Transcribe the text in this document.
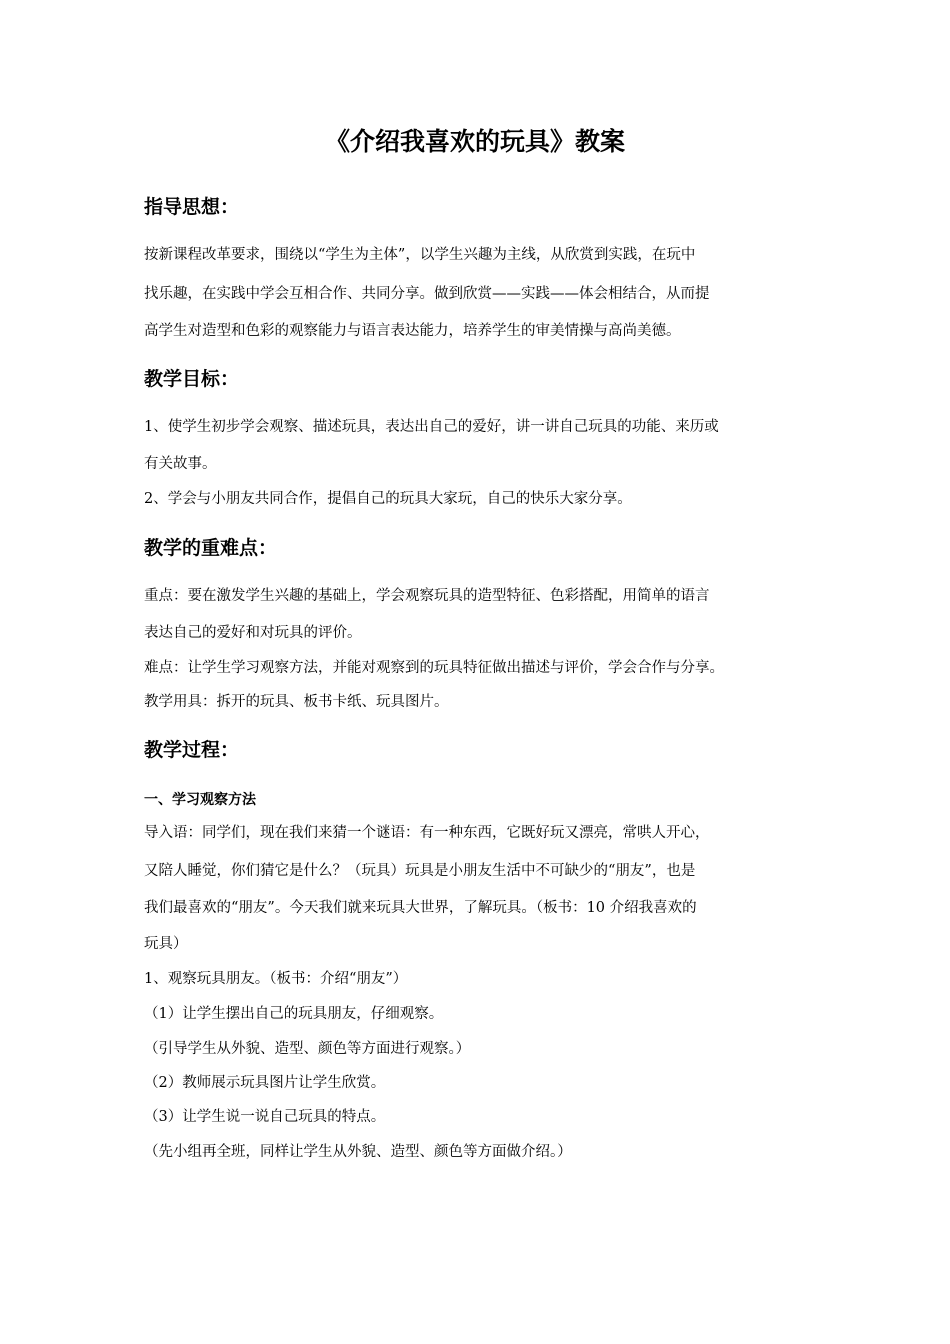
《介绍我喜欢的玩具》教案
指导思想：
按新课程改革要求，围绕以“学生为主体”，以学生兴趣为主线，从欣赏到实践，在玩中
找乐趣，在实践中学会互相合作、共同分享。做到欣赏——实践——体会相结合，从而提
高学生对造型和色彩的观察能力与语言表达能力，培养学生的审美情操与高尚美德。
教学目标：
1、使学生初步学会观察、描述玩具，表达出自己的爱好，讲一讲自己玩具的功能、来历或
有关故事。
2、学会与小朋友共同合作，提倡自己的玩具大家玩，自己的快乐大家分享。
教学的重难点：
重点：要在激发学生兴趣的基础上，学会观察玩具的造型特征、色彩搭配，用简单的语言
表达自己的爱好和对玩具的评价。
难点：让学生学习观察方法，并能对观察到的玩具特征做出描述与评价，学会合作与分享。
教学用具：拆开的玩具、板书卡纸、玩具图片。
教学过程：
一、学习观察方法
导入语：同学们，现在我们来猜一个谜语：有一种东西，它既好玩又漂亮，常哄人开心，
又陪人睡觉，你们猜它是什么？（玩具）玩具是小朋友生活中不可缺少的“朋友”，也是
我们最喜欢的“朋友”。今天我们就来玩具大世界，了解玩具。（板书：10 介绍我喜欢的
玩具）
1、观察玩具朋友。（板书：介绍“朋友”）
（1）让学生摆出自己的玩具朋友，仔细观察。
（引导学生从外貌、造型、颜色等方面进行观察。）
（2）教师展示玩具图片让学生欣赏。
（3）让学生说一说自己玩具的特点。
（先小组再全班，同样让学生从外貌、造型、颜色等方面做介绍。）
